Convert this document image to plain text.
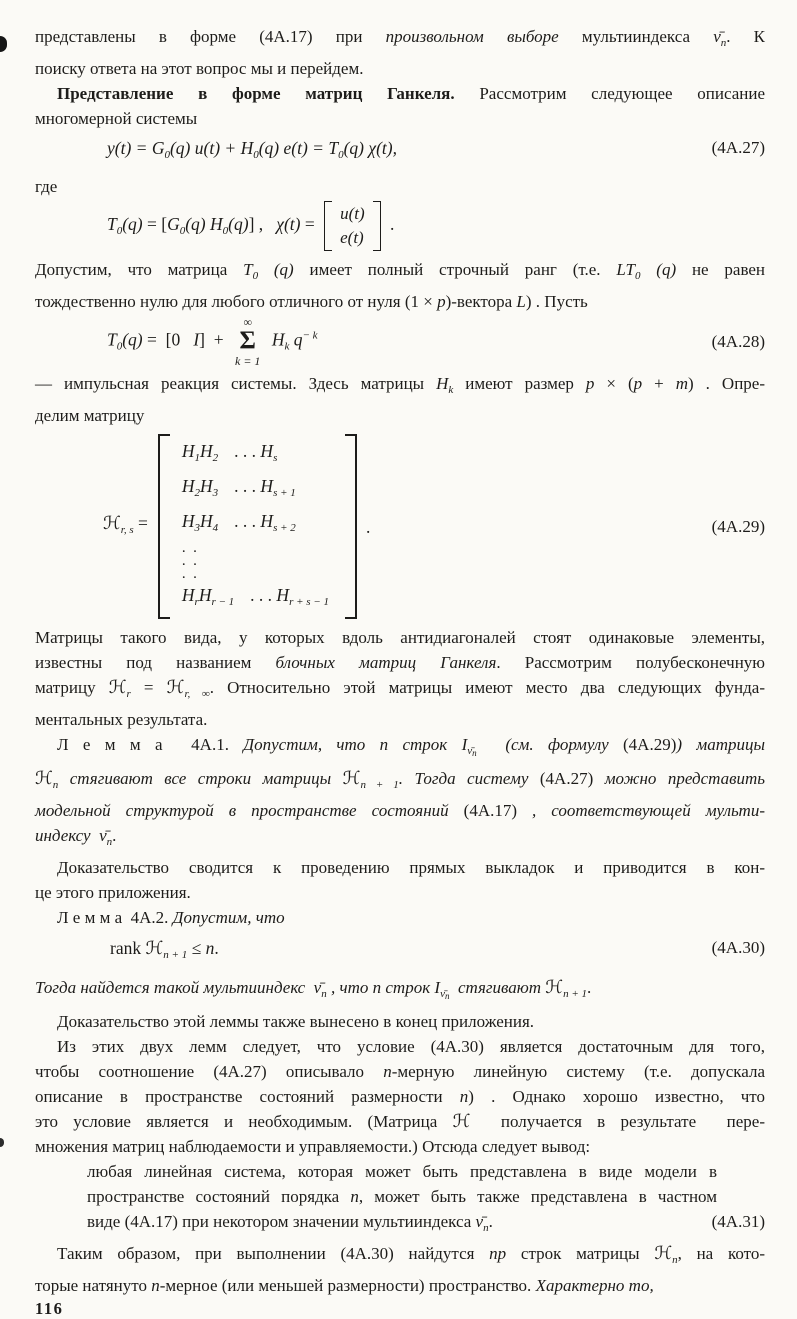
представлены в форме (4А.17) при произвольном выборе мультииндекса $\nū_n$. К
поиску ответа на этот вопрос мы и перейдем.
Представление в форме матриц Ганкеля. Рассмотрим следующее описание
многомерной системы
$y(t) = G_0(q) u(t) + H_0(q) e(t) = T_0(q)$ χ(t),	(4А.27)
где
$T_0(q) = [G_0(q)$ $H_0(q)$] ,   χ(t) =
u(t)
e(t)
.
Допустим, что матрица $T_0$ (q) имеет полный строчный ранг (т.е. $LT_0$ (q) не равен
тождественно нулю для любого отличного от нуля (1 × p)-вектора L) . Пусть
$T_0(q) = [0$   I]  +
∞
Σ
k = 1
$H_k$ $q^{- k}$	(4А.28)
— импульсная реакция системы. Здесь матрицы $H_k$ имеют размер p × (p + m) . Опре-
делим матрицу
ℋ$_{r, s}$ =
$H_1H_2$ . . . $H_s$
$H_2H_3$ . . . $H_{s + 1}$
$H_3H_4$ . . . $H_{s + 2}$
.  .
.  .
.  .
$H_rH_{r - 1}$ . . . $H_{r + s - 1}$
.	(4А.29)
Матрицы такого вида, у которых вдоль антидиагоналей стоят одинаковые элементы,
известны под названием блочных матриц Ганкеля. Рассмотрим полубесконечную
матрицу ℋ$_r$ = ℋ$_{r, \infty}$. Относительно этой матрицы имеют место два следующих фунда-
ментальных результата.
Л е м м а  4А.1. Допустим, что n строк $I_{\nūn}$  (см. формулу (4А.29)) матрицы
ℋ$_n$ стягивают все строки матрицы ℋ$_{n + 1}$. Тогда систему (4А.27) можно представить
модельной структурой в пространстве состояний (4А.17) , соответствующей мульти-
индексу  $\nū_n$.
Доказательство сводится к проведению прямых выкладок и приводится в кон-
це этого приложения.
Л е м м а  4А.2. Допустим, что
rank ℋ$_{n + 1}$ ≤ n.	(4А.30)
Тогда найдется такой мультииндекс  $\nū_n$ , что n строк $I_{\nūn}$  стягивают ℋ$_{n + 1}$.
Доказательство этой леммы также вынесено в конец приложения.
Из этих двух лемм следует, что условие (4А.30) является достаточным для того,
чтобы соотношение (4А.27) описывало n-мерную линейную систему (т.е. допускала
описание в пространстве состояний размерности n) . Однако хорошо известно, что
это условие является и необходимым. (Матрица ℋ  получается в результате  пере-
множения матриц наблюдаемости и управляемости.) Отсюда следует вывод:
любая линейная система, которая может быть представлена в виде модели в
пространстве состояний порядка n, может быть также представлена в частном
виде (4А.17) при некотором значении мультииндекса $\nū_n$.	(4А.31)
Таким образом, при выполнении (4А.30) найдутся np строк матрицы ℋ$_n$, на кото-
торые натянуто n-мерное (или меньшей размерности) пространство. Характерно то,
116
